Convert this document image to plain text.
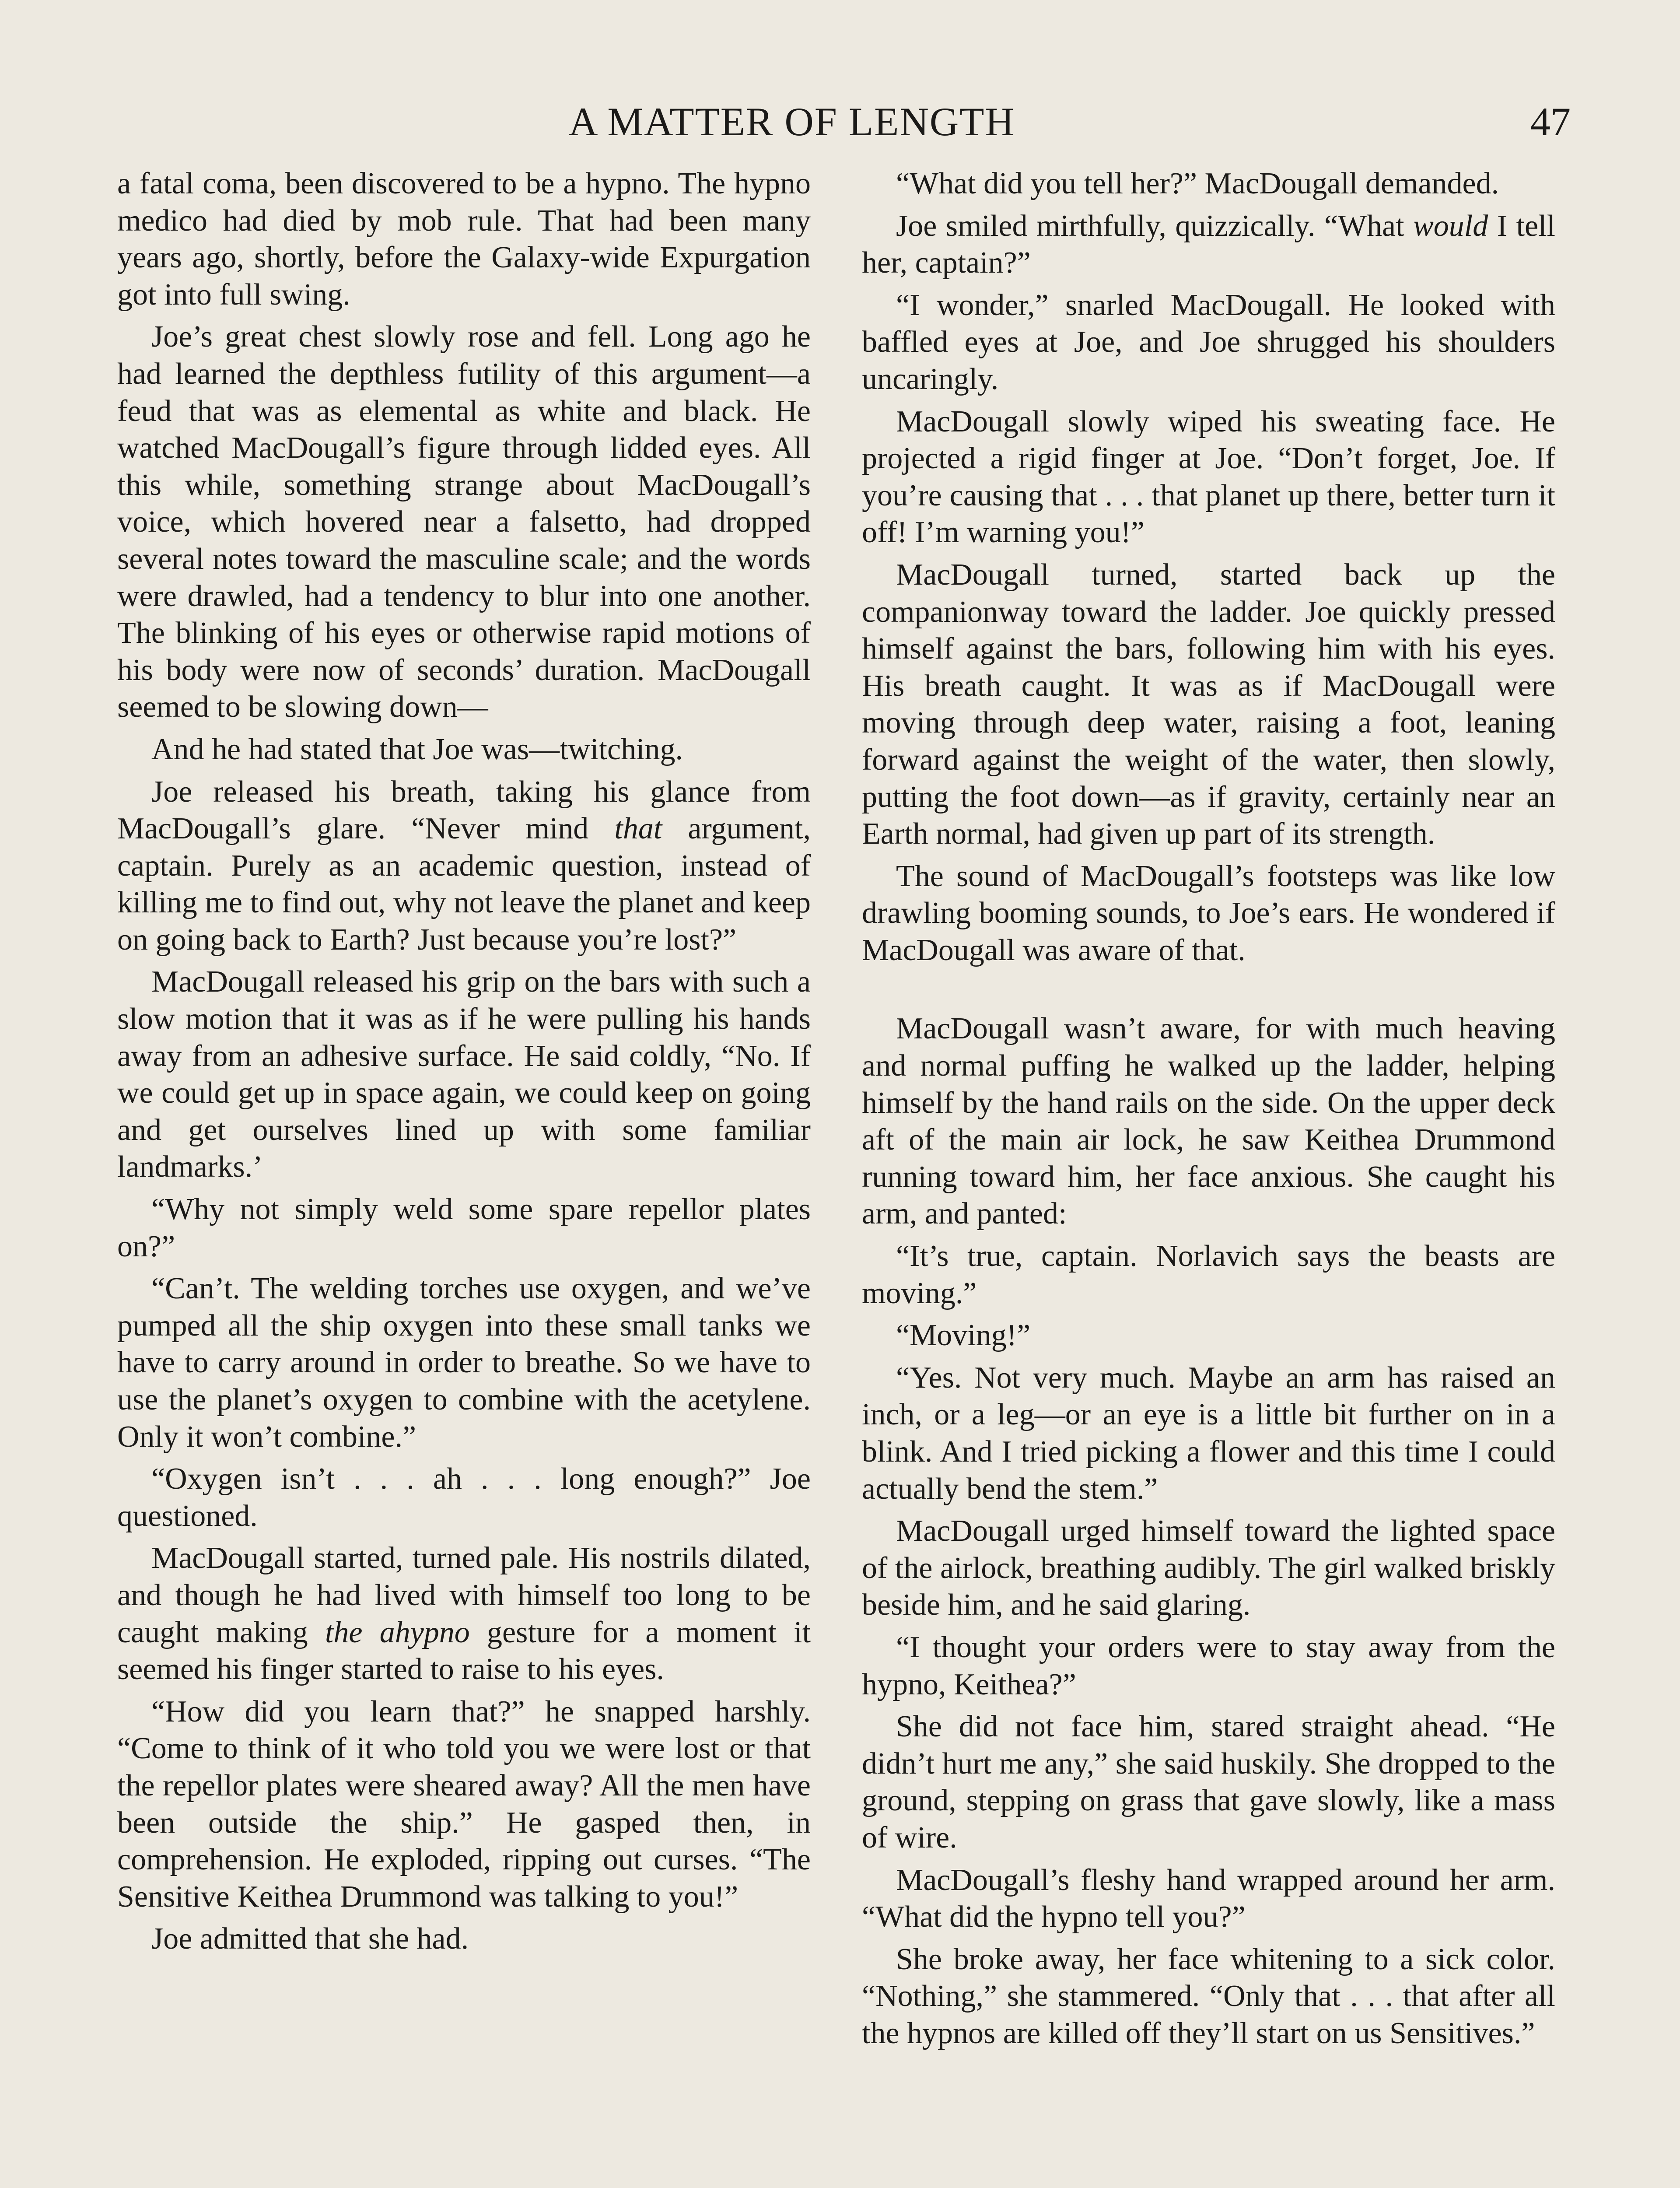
A MATTER OF LENGTH	47

a fatal coma, been discovered to be a hypno. The hypno medico had died by mob rule. That had been many years ago, shortly, before the Galaxy-wide Expurgation got into full swing.

Joe’s great chest slowly rose and fell. Long ago he had learned the depthless futility of this argument—a feud that was as elemental as white and black. He watched MacDougall’s figure through lidded eyes. All this while, something strange about MacDougall’s voice, which hovered near a falsetto, had dropped several notes toward the masculine scale; and the words were drawled, had a tendency to blur into one another. The blinking of his eyes or otherwise rapid motions of his body were now of seconds’ duration. MacDougall seemed to be slowing down—

And he had stated that Joe was—twitching.

Joe released his breath, taking his glance from MacDougall’s glare. “Never mind that argument, captain. Purely as an academic question, instead of killing me to find out, why not leave the planet and keep on going back to Earth? Just because you’re lost?”

MacDougall released his grip on the bars with such a slow motion that it was as if he were pulling his hands away from an adhesive surface. He said coldly, “No. If we could get up in space again, we could keep on going and get ourselves lined up with some familiar landmarks.’

“Why not simply weld some spare repellor plates on?”

“Can’t. The welding torches use oxygen, and we’ve pumped all the ship oxygen into these small tanks we have to carry around in order to breathe. So we have to use the planet’s oxygen to combine with the acetylene. Only it won’t combine.”

“Oxygen isn’t . . . ah . . . long enough?” Joe questioned.

MacDougall started, turned pale. His nostrils dilated, and though he had lived with himself too long to be caught making the ahypno gesture for a moment it seemed his finger started to raise to his eyes.

“How did you learn that?” he snapped harshly. “Come to think of it who told you we were lost or that the repellor plates were sheared away? All the men have been outside the ship.” He gasped then, in comprehension. He exploded, ripping out curses. “The Sensitive Keithea Drummond was talking to you!”

Joe admitted that she had.

“What did you tell her?” MacDougall demanded.

Joe smiled mirthfully, quizzically. “What would I tell her, captain?”

“I wonder,” snarled MacDougall. He looked with baffled eyes at Joe, and Joe shrugged his shoulders uncaringly.

MacDougall slowly wiped his sweating face. He projected a rigid finger at Joe. “Don’t forget, Joe. If you’re causing that . . . that planet up there, better turn it off! I’m warning you!”

MacDougall turned, started back up the companionway toward the ladder. Joe quickly pressed himself against the bars, following him with his eyes. His breath caught. It was as if MacDougall were moving through deep water, raising a foot, leaning forward against the weight of the water, then slowly, putting the foot down—as if gravity, certainly near an Earth normal, had given up part of its strength.

The sound of MacDougall’s footsteps was like low drawling booming sounds, to Joe’s ears. He wondered if MacDougall was aware of that.

MacDougall wasn’t aware, for with much heaving and normal puffing he walked up the ladder, helping himself by the hand rails on the side. On the upper deck aft of the main air lock, he saw Keithea Drummond running toward him, her face anxious. She caught his arm, and panted:

“It’s true, captain. Norlavich says the beasts are moving.”

“Moving!”

“Yes. Not very much. Maybe an arm has raised an inch, or a leg—or an eye is a little bit further on in a blink. And I tried picking a flower and this time I could actually bend the stem.”

MacDougall urged himself toward the lighted space of the airlock, breathing audibly. The girl walked briskly beside him, and he said glaring.

“I thought your orders were to stay away from the hypno, Keithea?”

She did not face him, stared straight ahead. “He didn’t hurt me any,” she said huskily. She dropped to the ground, stepping on grass that gave slowly, like a mass of wire.

MacDougall’s fleshy hand wrapped around her arm. “What did the hypno tell you?”

She broke away, her face whitening to a sick color. “Nothing,” she stammered. “Only that . . . that after all the hypnos are killed off they’ll start on us Sensitives.”
